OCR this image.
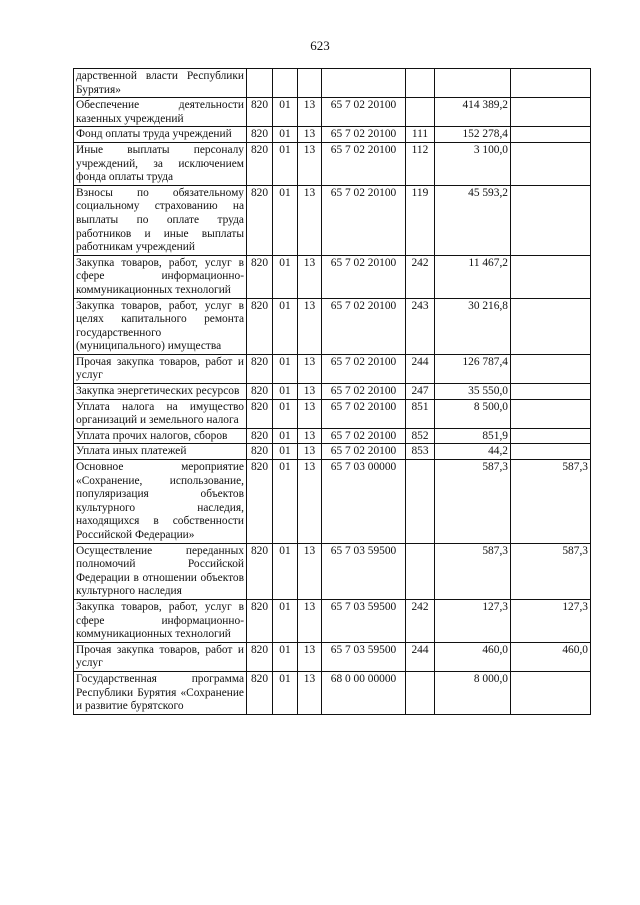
623
дарственной власти Республики Бурятия»							
Обеспечение деятельности казенных учреждений	820	01	13	65 7 02 20100		414 389,2	
Фонд оплаты труда учреждений	820	01	13	65 7 02 20100	111	152 278,4	
Иные выплаты персоналу учреждений, за исключением фонда оплаты труда	820	01	13	65 7 02 20100	112	3 100,0	
Взносы по обязательному социальному страхованию на выплаты по оплате труда работников и иные выплаты работникам учреждений	820	01	13	65 7 02 20100	119	45 593,2	
Закупка товаров, работ, услуг в сфере информационно-коммуникационных технологий	820	01	13	65 7 02 20100	242	11 467,2	
Закупка товаров, работ, услуг в целях капитального ремонта государственного (муниципального) имущества	820	01	13	65 7 02 20100	243	30 216,8	
Прочая закупка товаров, работ и услуг	820	01	13	65 7 02 20100	244	126 787,4	
Закупка энергетических ресурсов	820	01	13	65 7 02 20100	247	35 550,0	
Уплата налога на имущество организаций и земельного налога	820	01	13	65 7 02 20100	851	8 500,0	
Уплата прочих налогов, сборов	820	01	13	65 7 02 20100	852	851,9	
Уплата иных платежей	820	01	13	65 7 02 20100	853	44,2	
Основное мероприятие «Сохранение, использование, популяризация объектов культурного наследия, находящихся в собственности Российской Федерации»	820	01	13	65 7 03 00000		587,3	587,3
Осуществление переданных полномочий Российской Федерации в отношении объектов культурного наследия	820	01	13	65 7 03 59500		587,3	587,3
Закупка товаров, работ, услуг в сфере информационно-коммуникационных технологий	820	01	13	65 7 03 59500	242	127,3	127,3
Прочая закупка товаров, работ и услуг	820	01	13	65 7 03 59500	244	460,0	460,0
Государственная программа Республики Бурятия «Сохранение и развитие бурятского	820	01	13	68 0 00 00000		8 000,0	
